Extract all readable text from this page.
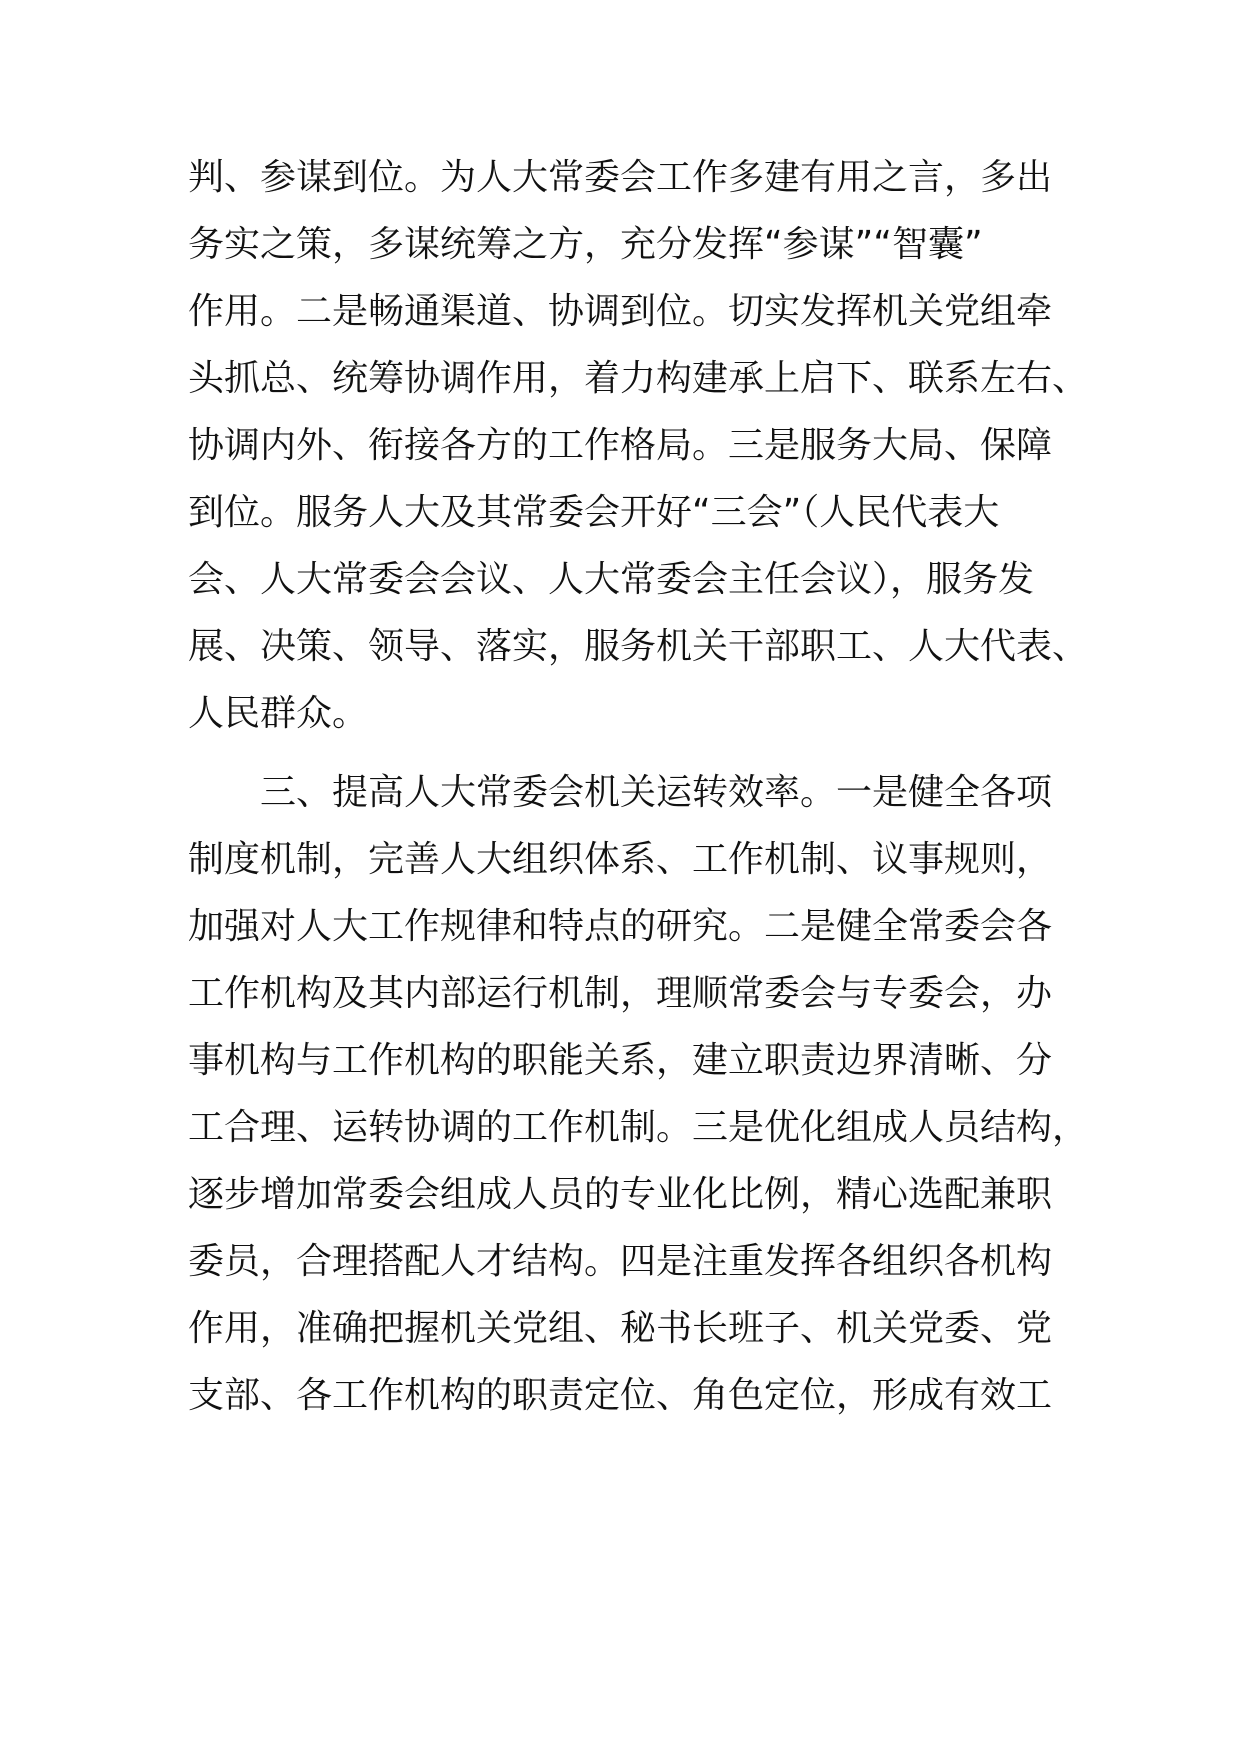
判、参谋到位。为人大常委会工作多建有用之言，多出
务实之策，多谋统筹之方，充分发挥“参谋”“智囊”
作用。二是畅通渠道、协调到位。切实发挥机关党组牵
头抓总、统筹协调作用，着力构建承上启下、联系左右、
协调内外、衔接各方的工作格局。三是服务大局、保障
到位。服务人大及其常委会开好“三会”（人民代表大
会、人大常委会会议、人大常委会主任会议），服务发
展、决策、领导、落实，服务机关干部职工、人大代表、
人民群众。
三、提高人大常委会机关运转效率。一是健全各项
制度机制，完善人大组织体系、工作机制、议事规则，
加强对人大工作规律和特点的研究。二是健全常委会各
工作机构及其内部运行机制，理顺常委会与专委会，办
事机构与工作机构的职能关系，建立职责边界清晰、分
工合理、运转协调的工作机制。三是优化组成人员结构，
逐步增加常委会组成人员的专业化比例，精心选配兼职
委员，合理搭配人才结构。四是注重发挥各组织各机构
作用，准确把握机关党组、秘书长班子、机关党委、党
支部、各工作机构的职责定位、角色定位，形成有效工
